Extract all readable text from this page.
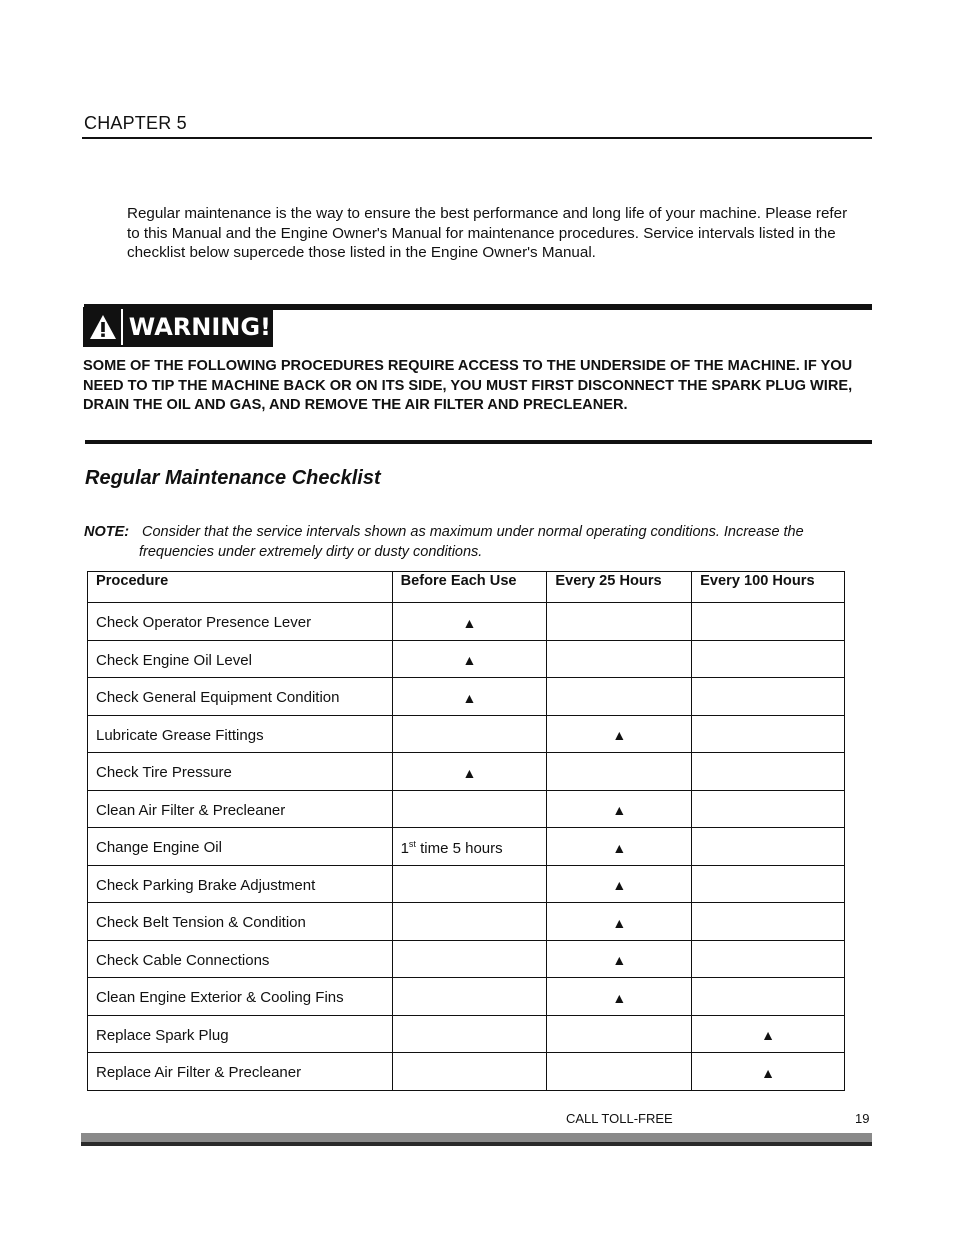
CHAPTER 5
Regular maintenance is the way to ensure the best performance and long life of your machine. Please refer to this Manual and the Engine Owner's Manual for maintenance procedures. Service intervals listed in the checklist below supercede those listed in the Engine Owner's Manual.
WARNING!
SOME OF THE FOLLOWING PROCEDURES REQUIRE ACCESS TO THE UNDERSIDE OF THE MACHINE. IF YOU NEED TO TIP THE MACHINE BACK OR ON ITS SIDE, YOU MUST FIRST DISCONNECT THE SPARK PLUG WIRE, DRAIN THE OIL AND GAS, AND REMOVE THE AIR FILTER AND PRECLEANER.
Regular Maintenance Checklist
NOTE: Consider that the service intervals shown as maximum under normal operating conditions. Increase the
frequencies under extremely dirty or dusty conditions.
Procedure	Before Each Use	Every 25 Hours	Every 100 Hours
Check Operator Presence Lever	▲		
Check Engine Oil Level	▲		
Check General Equipment Condition	▲		
Lubricate Grease Fittings		▲	
Check Tire Pressure	▲		
Clean Air Filter & Precleaner		▲	
Change Engine Oil	1st time 5 hours	▲	
Check Parking Brake Adjustment		▲	
Check Belt Tension & Condition		▲	
Check Cable Connections		▲	
Clean Engine Exterior & Cooling Fins		▲	
Replace Spark Plug			▲
Replace Air Filter & Precleaner			▲
CALL TOLL-FREE	19
